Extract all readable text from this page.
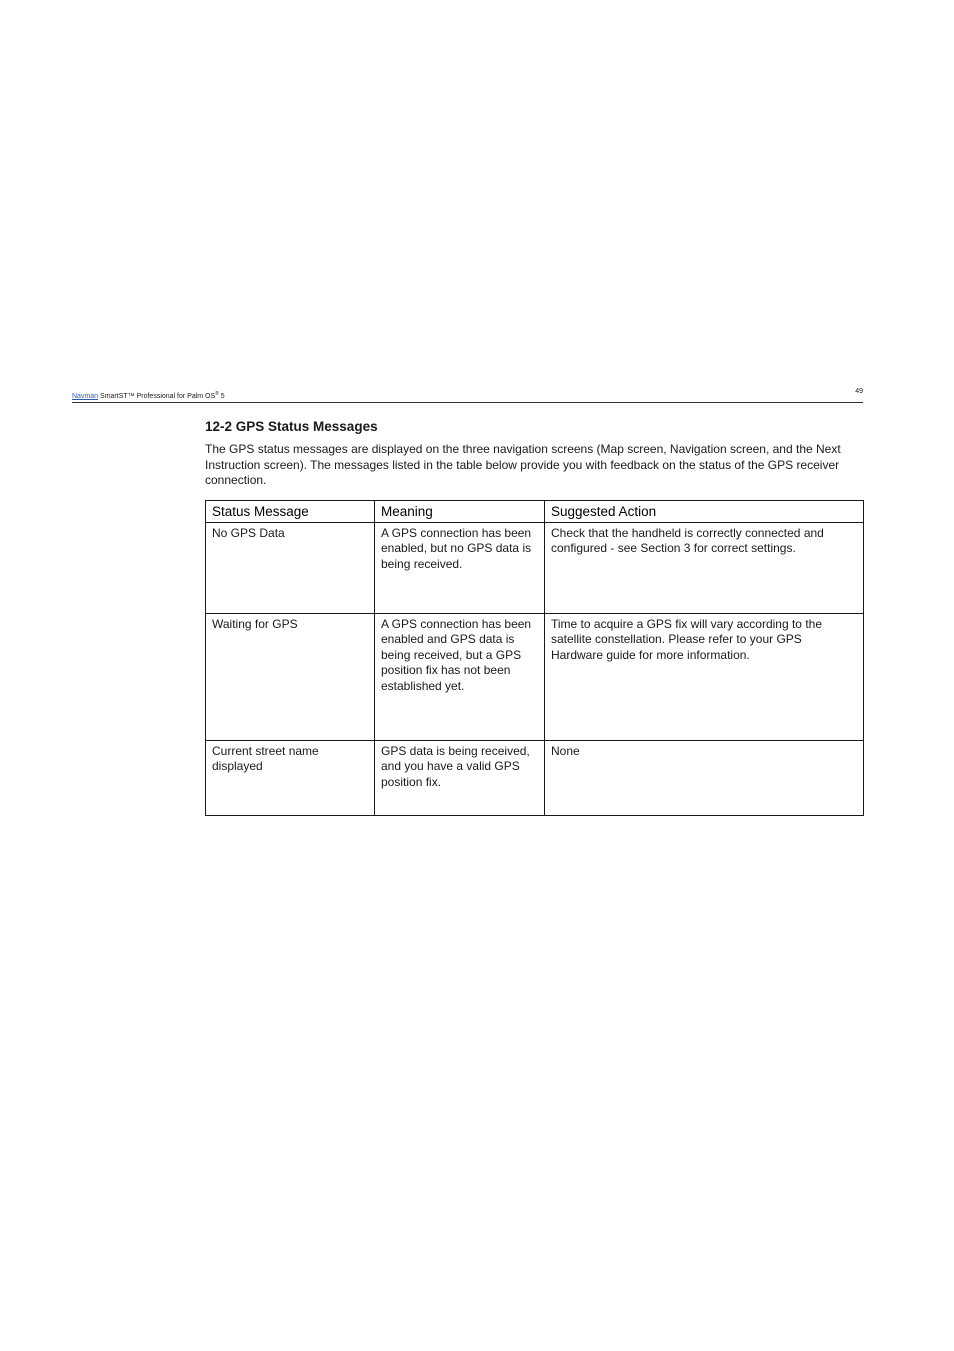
Navman SmartST™ Professional for Palm OS® 5
49
12-2 GPS Status Messages

The GPS status messages are displayed on the three navigation screens (Map screen, Navigation screen, and the Next Instruction screen). The messages listed in the table below provide you with feedback on the status of the GPS receiver connection.

Status Message	Meaning	Suggested Action
No GPS Data	A GPS connection has been enabled, but no GPS data is being received.	Check that the handheld is correctly connected and configured - see Section 3 for correct settings.
Waiting for GPS	A GPS connection has been enabled and GPS data is being received, but a GPS position fix has not been established yet.	Time to acquire a GPS fix will vary according to the satellite constellation. Please refer to your GPS Hardware guide for more information.
Current street name displayed	GPS data is being received, and you have a valid GPS position fix.	None
